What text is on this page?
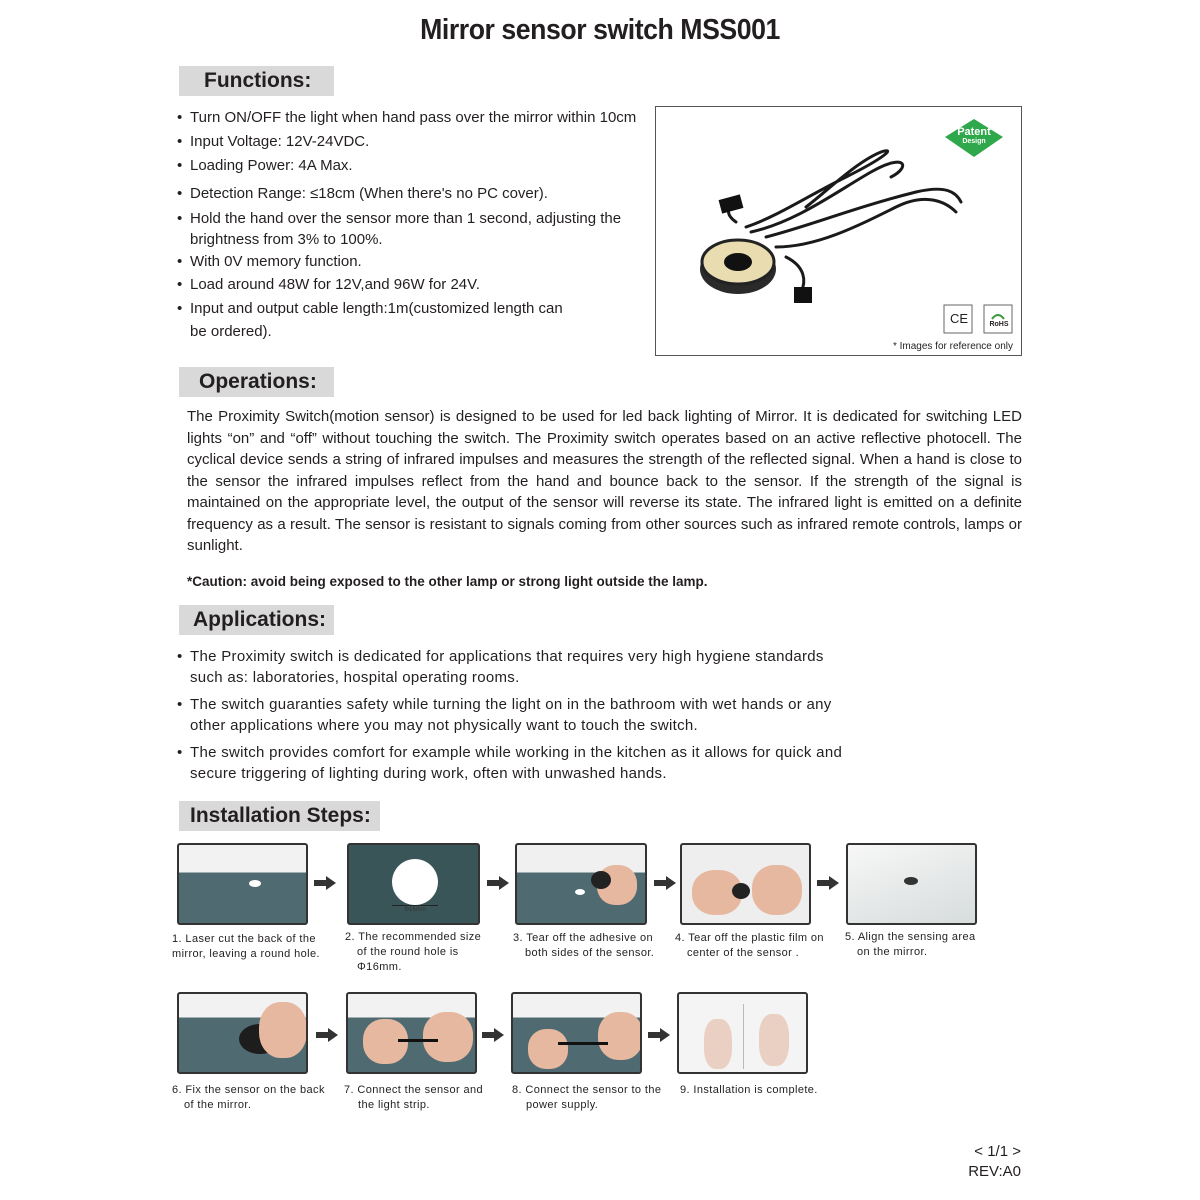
Mirror sensor switch MSS001
Functions:
• Turn ON/OFF the light when hand pass over the mirror within 10cm
• Input Voltage: 12V-24VDC.
• Loading Power: 4A Max.
• Detection Range: ≤18cm (When there's no PC cover).
• Hold the hand over the sensor more than 1 second, adjusting the
brightness from 3% to 100%.
• With 0V memory function.
• Load around 48W for 12V,and 96W for 24V.
• Input and output cable length:1m(customized length can
be ordered).
Patent
Design
CE	RoHS
* Images for reference only
Operations:
The Proximity Switch(motion sensor) is designed to be used for led back lighting of Mirror. It is dedicated for switching LED lights “on” and “off” without touching the switch. The Proximity switch operates based on an active reflective photocell. The cyclical device sends a string of infrared impulses and measures the strength of the reflected signal. When a hand is close to the sensor the infrared impulses reflect from the hand and bounce back to the sensor. If the strength of the signal is maintained on the appropriate level, the output of the sensor will reverse its state. The infrared light is emitted on a definite frequency as a result. The sensor is resistant to signals coming from other sources such as infrared remote controls, lamps or sunlight.
*Caution: avoid being exposed to the other lamp or strong light outside the lamp.
Applications:
• The Proximity switch is dedicated for applications that requires very high hygiene standards
such as: laboratories, hospital operating rooms.
• The switch guaranties safety while turning the light on in the bathroom with wet hands or any
other applications where you may not physically want to touch the switch.
• The switch provides comfort for example while working in the kitchen as it allows for quick and
secure triggering of lighting during work, often with unwashed hands.
Installation Steps:
Φ16mm
1. Laser cut the back of the
mirror, leaving a round hole.
2. The recommended size
of the round hole is
Φ16mm.
3. Tear off the adhesive on
both sides of the sensor.
4. Tear off the plastic film on
center of the sensor .
5. Align the sensing area
on the mirror.
6. Fix the sensor on the back
of the mirror.
7. Connect the sensor and
the light strip.
8. Connect the sensor to the
power supply.
9. Installation is complete.
< 1/1 >
REV:A0
